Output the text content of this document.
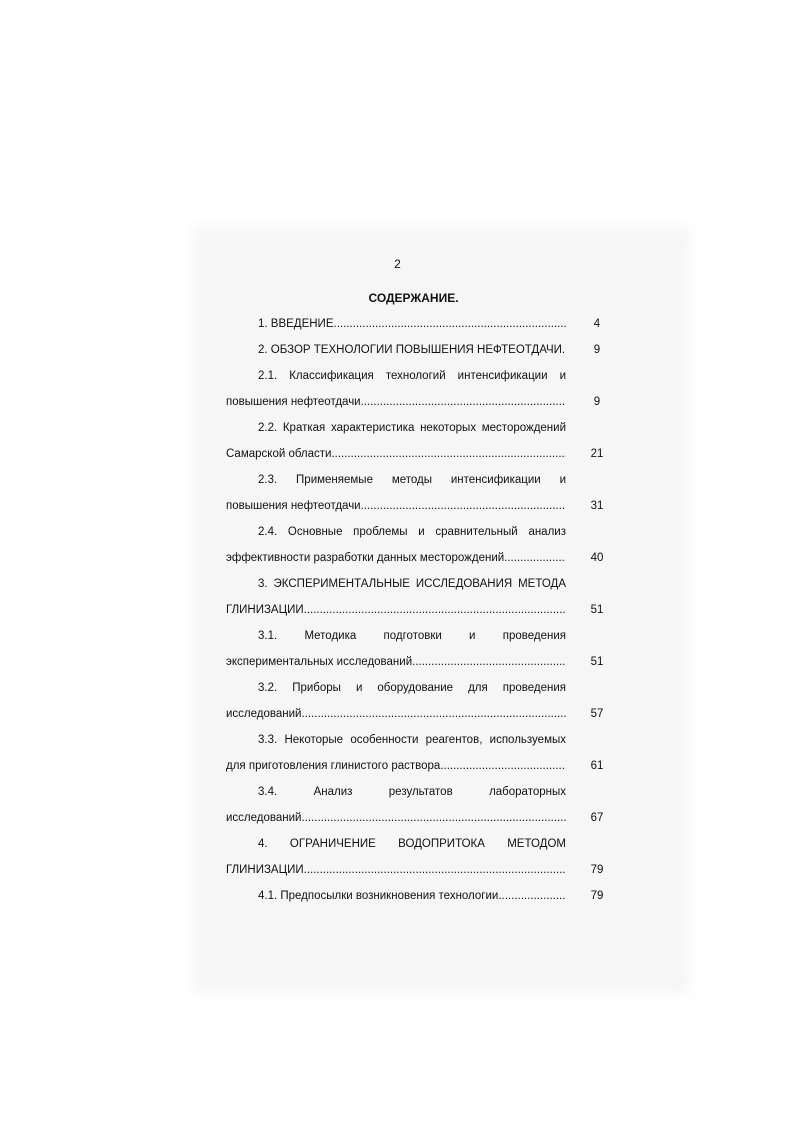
2
СОДЕРЖАНИЕ.
1. ВВЕДЕНИЕ .....	4
2. ОБЗОР ТЕХНОЛОГИЙ ПОВЫШЕНИЯ НЕФТЕОТДАЧИ .....	9
2.1. Классификация технологий интенсификации и
повышения нефтеотдачи .....	9
2.2. Краткая характеристика некоторых месторождений
Самарской области .....	21
2.3. Применяемые методы интенсификации и
повышения нефтеотдачи .....	31
2.4. Основные проблемы и сравнительный анализ
эффективности разработки данных месторождений .....	40
3. ЭКСПЕРИМЕНТАЛЬНЫЕ ИССЛЕДОВАНИЯ МЕТОДА
ГЛИНИЗАЦИИ .....	51
3.1. Методика подготовки и проведения
экспериментальных исследований .....	51
3.2. Приборы и оборудование для проведения
исследований .....	57
3.3. Некоторые особенности реагентов, используемых
для приготовления глинистого раствора .....	61
3.4. Анализ результатов лабораторных
исследований .....	67
4. ОГРАНИЧЕНИЕ ВОДОПРИТОКА МЕТОДОМ
ГЛИНИЗАЦИИ .....	79
4.1. Предпосылки возникновения технологии .....	79
